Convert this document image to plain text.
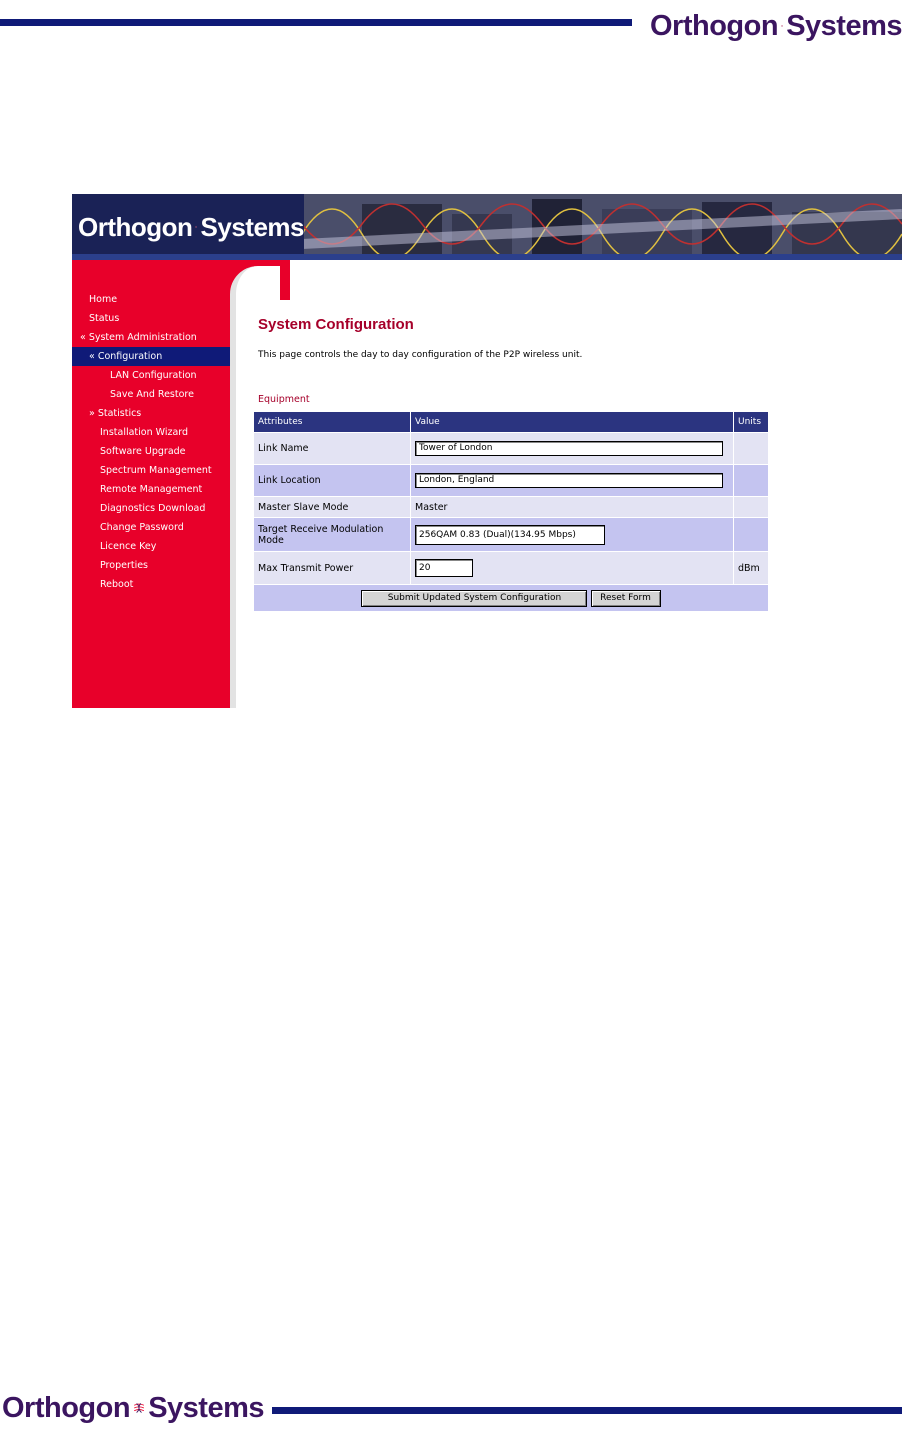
Orthogon Systems
Orthogon Systems
Home
Status
« System Administration
« Configuration
LAN Configuration
Save And Restore
» Statistics
Installation Wizard
Software Upgrade
Spectrum Management
Remote Management
Diagnostics Download
Change Password
Licence Key
Properties
Reboot
System Configuration
This page controls the day to day configuration of the P2P wireless unit.
Equipment
Attributes	Value	Units
Link Name	Tower of London	
Link Location	London, England	
Master Slave Mode	Master	
Target Receive Modulation Mode	256QAM 0.83 (Dual)(134.95 Mbps)	
Max Transmit Power	20	dBm
Submit Updated System Configuration Reset Form		
Orthogon Systems
